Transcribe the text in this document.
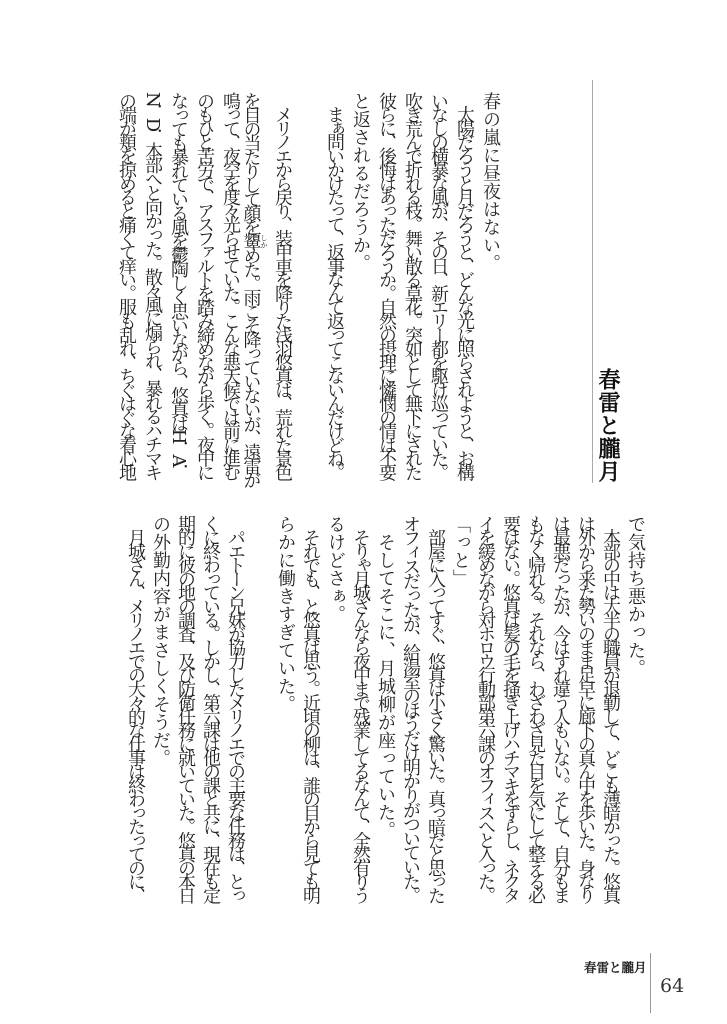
春雷と朧月
春の嵐に昼夜はない。
　太陽だろうと月だろうと、どんな光に照らされようと、お構
いなしの横暴な風が、その日、新エリー都を駆け巡っていた。
吹き荒んで折れる枝。舞い散る草花。突如として無下にされた
彼らに、後悔はあっただろうか。自然の摂理に憐憫の情は不要
と返されるだろうか。
　まぁ問いかけたって、返事なんて返ってこないんだけどね。
　メリノエから戻り、装甲車を降りた浅羽悠真は、荒れた景色
を目の当たりして顔を顰しかめた。雨こそ降っていないが、遠雷が
鳴って、夜空を度々光らせていた。こんな悪天候では前に進む
のもひと苦労で、アスファルトを踏み締めながら歩く。夜中に
なっても暴れている風を鬱陶しく思いながら、悠真はH．A．
N．D．本部へと向かった。散々風に煽られ、暴れるハチマキ
の端が頬を掠めると痛くて痒い。服も乱れ、ちぐはぐな着心地
で気持ち悪かった。
　本部の中は大半の職員が退勤して、どこも薄暗かった。悠真
は外から来た勢いのまま足早に廊下の真ん中を歩いた。身なり
は最悪だったが、今はすれ違う人もいない。そして、自分もま
もなく帰れる。それなら、わざわざ見た目を気にして整える必
要はない。悠真は髪の毛を掻き上げハチマキをずらし、ネクタ
イを緩めながら対ホロウ行動部第六課のオフィスへと入った。
「っと」
　部屋に入ってすぐ、悠真は小さく驚いた。真っ暗だと思った
オフィスだったが、給湯室のほうだけ明かりがついていた。
　そしてそこに、月城柳が座っていた。
　そりゃ月城さんなら夜中まで残業してるなんて、全然有りう
るけどさぁ。
　それでも、と悠真は思う。近頃の柳は、誰の目から見ても明
らかに働きすぎていた。
　パエトーン兄妹が協力したメリノエでの主要な任務は、とっ
くに終わっている。しかし、第六課は他の課と共に、現在も定
期的に彼の地の調査、及び防衛任務に就いていた。悠真の本日
の外勤内容がまさしくそうだ。
　月城さん、メリノエでの大々的な仕事は終わったってのに、
春雷と朧月
64
